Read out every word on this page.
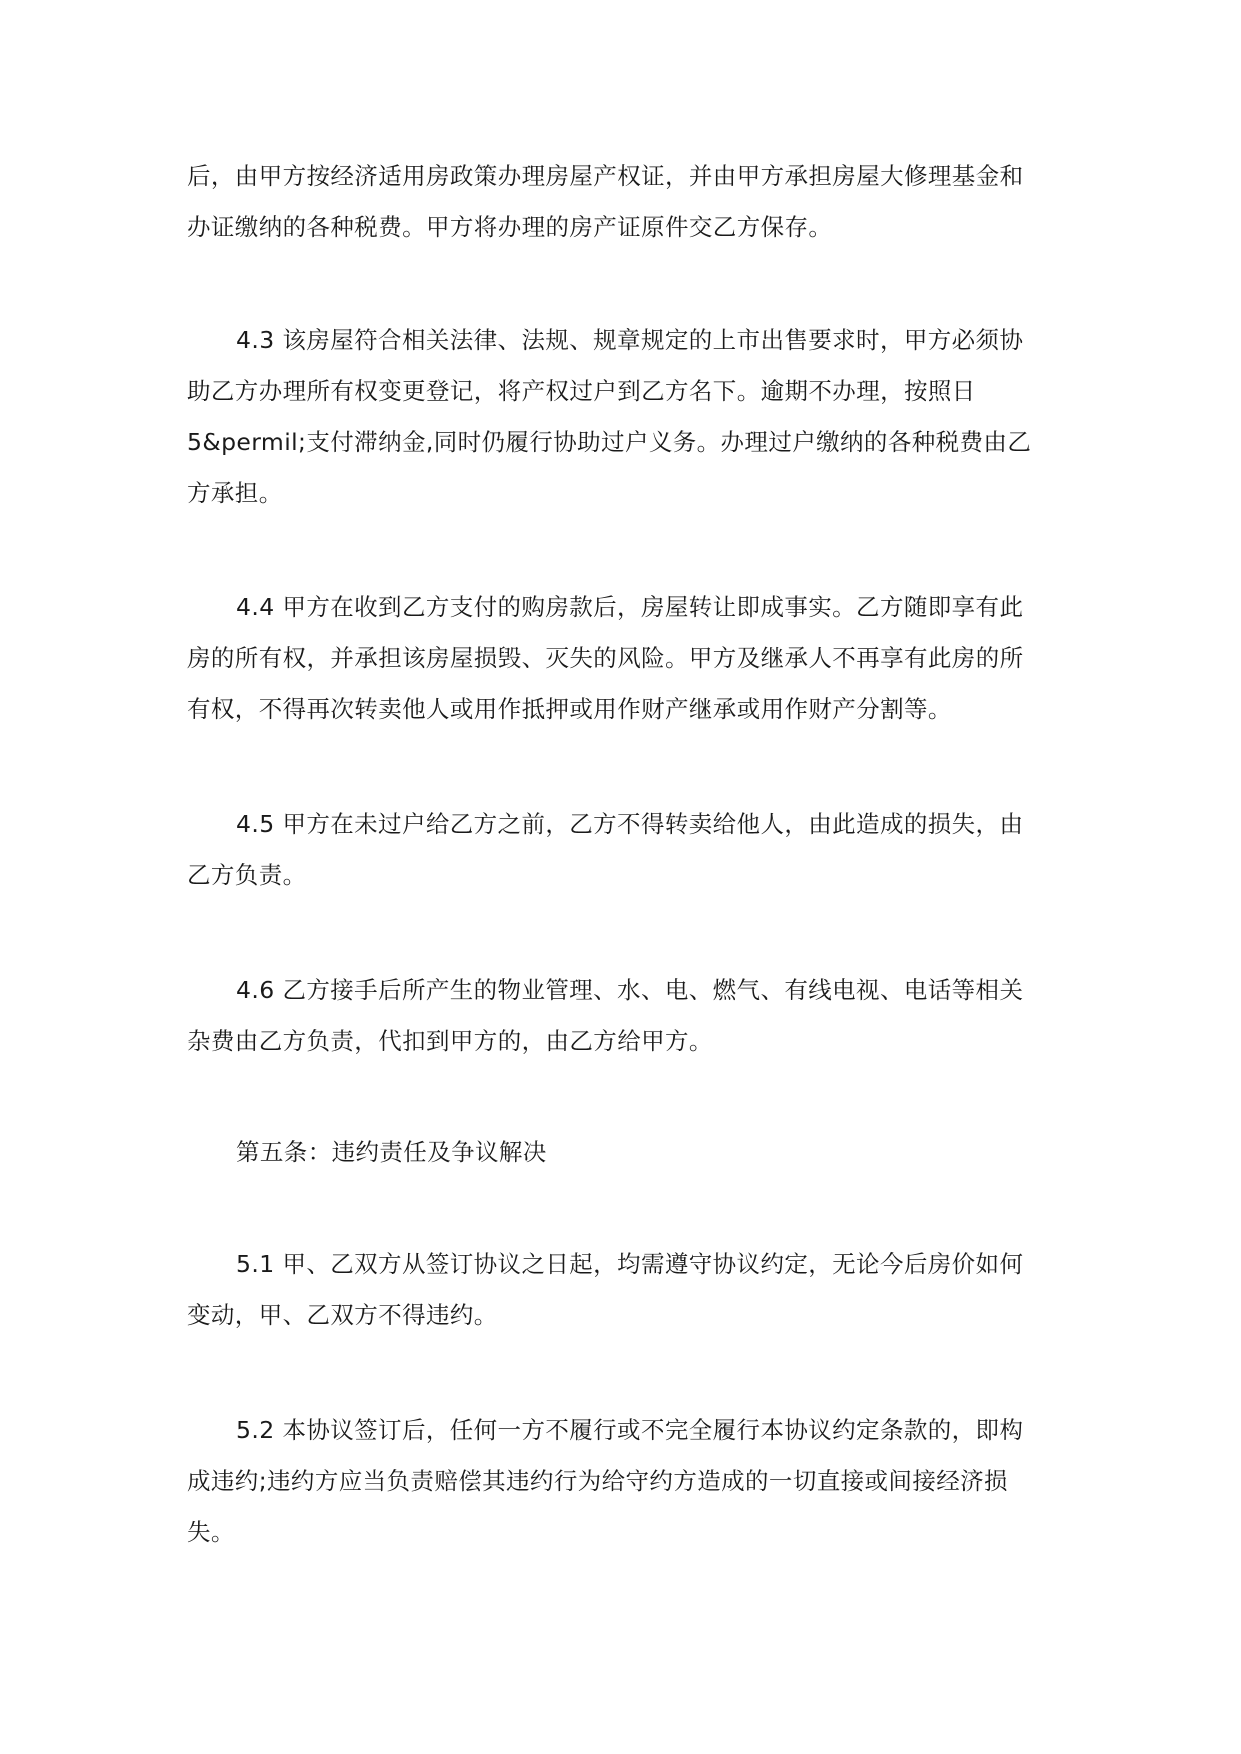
后，由甲方按经济适用房政策办理房屋产权证，并由甲方承担房屋大修理基金和
办证缴纳的各种税费。甲方将办理的房产证原件交乙方保存。

4.3 该房屋符合相关法律、法规、规章规定的上市出售要求时，甲方必须协
助乙方办理所有权变更登记，将产权过户到乙方名下。逾期不办理，按照日
5&permil;支付滞纳金,同时仍履行协助过户义务。办理过户缴纳的各种税费由乙
方承担。

4.4 甲方在收到乙方支付的购房款后，房屋转让即成事实。乙方随即享有此
房的所有权，并承担该房屋损毁、灭失的风险。甲方及继承人不再享有此房的所
有权，不得再次转卖他人或用作抵押或用作财产继承或用作财产分割等。

4.5 甲方在未过户给乙方之前，乙方不得转卖给他人，由此造成的损失，由
乙方负责。

4.6 乙方接手后所产生的物业管理、水、电、燃气、有线电视、电话等相关
杂费由乙方负责，代扣到甲方的，由乙方给甲方。

第五条：违约责任及争议解决

5.1 甲、乙双方从签订协议之日起，均需遵守协议约定，无论今后房价如何
变动，甲、乙双方不得违约。

5.2 本协议签订后，任何一方不履行或不完全履行本协议约定条款的，即构
成违约;违约方应当负责赔偿其违约行为给守约方造成的一切直接或间接经济损
失。
